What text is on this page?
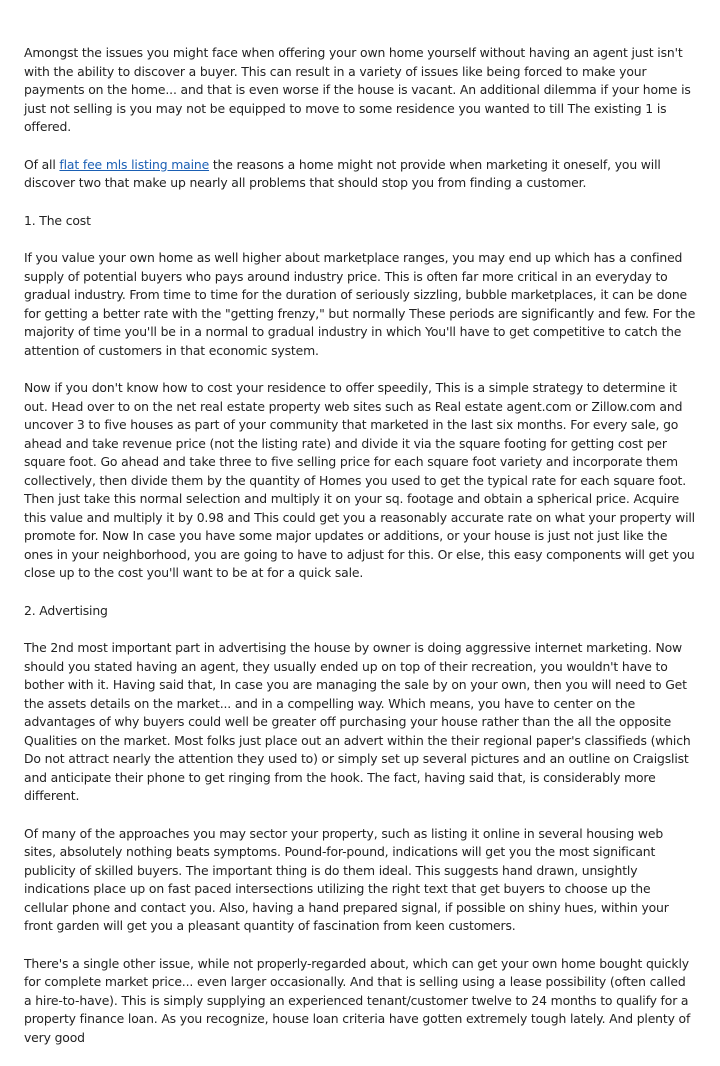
Amongst the issues you might face when offering your own home yourself without having an agent just isn't with the ability to discover a buyer. This can result in a variety of issues like being forced to make your payments on the home... and that is even worse if the house is vacant. An additional dilemma if your home is just not selling is you may not be equipped to move to some residence you wanted to till The existing 1 is offered.

Of all flat fee mls listing maine the reasons a home might not provide when marketing it oneself, you will discover two that make up nearly all problems that should stop you from finding a customer.

1. The cost

If you value your own home as well higher about marketplace ranges, you may end up which has a confined supply of potential buyers who pays around industry price. This is often far more critical in an everyday to gradual industry. From time to time for the duration of seriously sizzling, bubble marketplaces, it can be done for getting a better rate with the "getting frenzy," but normally These periods are significantly and few. For the majority of time you'll be in a normal to gradual industry in which You'll have to get competitive to catch the attention of customers in that economic system.

Now if you don't know how to cost your residence to offer speedily, This is a simple strategy to determine it out. Head over to on the net real estate property web sites such as Real estate agent.com or Zillow.com and uncover 3 to five houses as part of your community that marketed in the last six months. For every sale, go ahead and take revenue price (not the listing rate) and divide it via the square footing for getting cost per square foot. Go ahead and take three to five selling price for each square foot variety and incorporate them collectively, then divide them by the quantity of Homes you used to get the typical rate for each square foot. Then just take this normal selection and multiply it on your sq. footage and obtain a spherical price. Acquire this value and multiply it by 0.98 and This could get you a reasonably accurate rate on what your property will promote for. Now In case you have some major updates or additions, or your house is just not just like the ones in your neighborhood, you are going to have to adjust for this. Or else, this easy components will get you close up to the cost you'll want to be at for a quick sale.

2. Advertising

The 2nd most important part in advertising the house by owner is doing aggressive internet marketing. Now should you stated having an agent, they usually ended up on top of their recreation, you wouldn't have to bother with it. Having said that, In case you are managing the sale by on your own, then you will need to Get the assets details on the market... and in a compelling way. Which means, you have to center on the advantages of why buyers could well be greater off purchasing your house rather than the all the opposite Qualities on the market. Most folks just place out an advert within the their regional paper's classifieds (which Do not attract nearly the attention they used to) or simply set up several pictures and an outline on Craigslist and anticipate their phone to get ringing from the hook. The fact, having said that, is considerably more different.

Of many of the approaches you may sector your property, such as listing it online in several housing web sites, absolutely nothing beats symptoms. Pound-for-pound, indications will get you the most significant publicity of skilled buyers. The important thing is do them ideal. This suggests hand drawn, unsightly indications place up on fast paced intersections utilizing the right text that get buyers to choose up the cellular phone and contact you. Also, having a hand prepared signal, if possible on shiny hues, within your front garden will get you a pleasant quantity of fascination from keen customers.

There's a single other issue, while not properly-regarded about, which can get your own home bought quickly for complete market price... even larger occasionally. And that is selling using a lease possibility (often called a hire-to-have). This is simply supplying an experienced tenant/customer twelve to 24 months to qualify for a property finance loan. As you recognize, house loan criteria have gotten extremely tough lately. And plenty of very good
